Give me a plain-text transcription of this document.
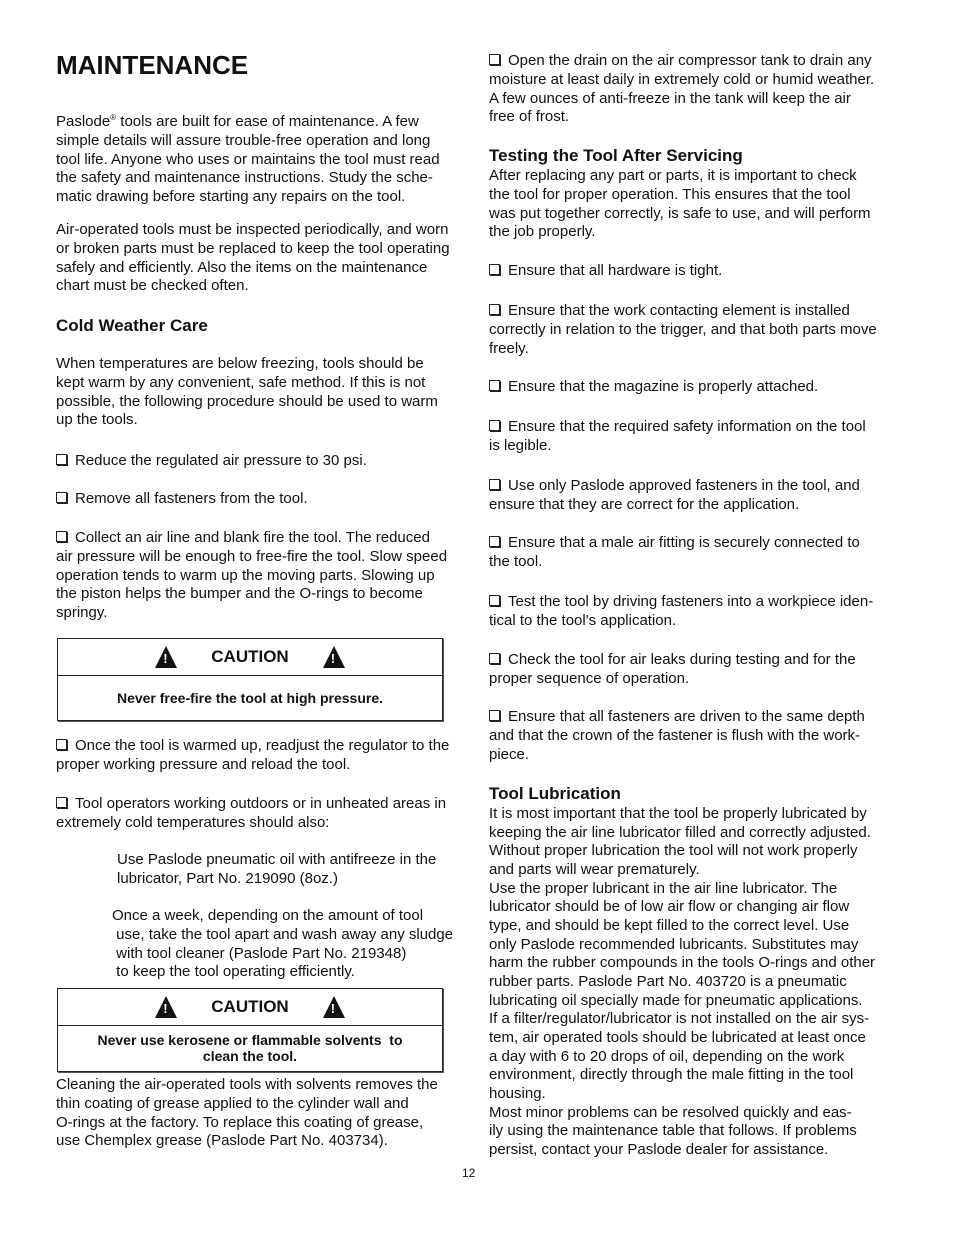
MAINTENANCE
Paslode® tools are built for ease of maintenance. A few
simple details will assure trouble-free operation and long
tool life. Anyone who uses or maintains the tool must read
the safety and maintenance instructions. Study the sche-
matic drawing before starting any repairs on the tool.
Air-operated tools must be inspected periodically, and worn
or broken parts must be replaced to keep the tool operating
safely and efficiently. Also the items on the maintenance
chart must be checked often.
Cold Weather Care
When temperatures are below freezing, tools should be
kept warm by any convenient, safe method. If this is not
possible, the following procedure should be used to warm
up the tools.
Reduce the regulated air pressure to 30 psi.
Remove all fasteners from the tool.
Collect an air line and blank fire the tool. The reduced
air pressure will be enough to free-fire the tool. Slow speed
operation tends to warm up the moving parts. Slowing up
the piston helps the bumper and the O-rings to become
springy.
!
CAUTION
!
Never free-fire the tool at high pressure.
Once the tool is warmed up, readjust the regulator to the
proper working pressure and reload the tool.
Tool operators working outdoors or in unheated areas in
extremely cold temperatures should also:
Use Paslode pneumatic oil with antifreeze in the
lubricator, Part No. 219090 (8oz.)
Once a week, depending on the amount of tool
use, take the tool apart and wash away any sludge
with tool cleaner (Paslode Part No. 219348)
to keep the tool operating efficiently.
!
CAUTION
!
Never use kerosene or flammable solvents  to
clean the tool.
Cleaning the air-operated tools with solvents removes the
thin coating of grease applied to the cylinder wall and
O-rings at the factory. To replace this coating of grease,
use Chemplex grease (Paslode Part No. 403734).
Open the drain on the air compressor tank to drain any
moisture at least daily in extremely cold or humid weather.
A few ounces of anti-freeze in the tank will keep the air
free of frost.
Testing the Tool After Servicing
After replacing any part or parts, it is important to check
the tool for proper operation. This ensures that the tool
was put together correctly, is safe to use, and will perform
the job properly.
Ensure that all hardware is tight.
Ensure that the work contacting element is installed
correctly in relation to the trigger, and that both parts move
freely.
Ensure that the magazine is properly attached.
Ensure that the required safety information on the tool
is legible.
Use only Paslode approved fasteners in the tool, and
ensure that they are correct for the application.
Ensure that a male air fitting is securely connected to
the tool.
Test the tool by driving fasteners into a workpiece iden-
tical to the tool's application.
Check the tool for air leaks during testing and for the
proper sequence of operation.
Ensure that all fasteners are driven to the same depth
and that the crown of the fastener is flush with the work-
piece.
Tool Lubrication
It is most important that the tool be properly lubricated by
keeping the air line lubricator filled and correctly adjusted.
Without proper lubrication the tool will not work properly
and parts will wear prematurely.
Use the proper lubricant in the air line lubricator. The
lubricator should be of low air flow or changing air flow
type, and should be kept filled to the correct level. Use
only Paslode recommended lubricants. Substitutes may
harm the rubber compounds in the tools O-rings and other
rubber parts. Paslode Part No. 403720 is a pneumatic
lubricating oil specially made for pneumatic applications.
If a filter/regulator/lubricator is not installed on the air sys-
tem, air operated tools should be lubricated at least once
a day with 6 to 20 drops of oil, depending on the work
environment, directly through the male fitting in the tool
housing.
Most minor problems can be resolved quickly and eas-
ily using the maintenance table that follows. If problems
persist, contact your Paslode dealer for assistance.
12
